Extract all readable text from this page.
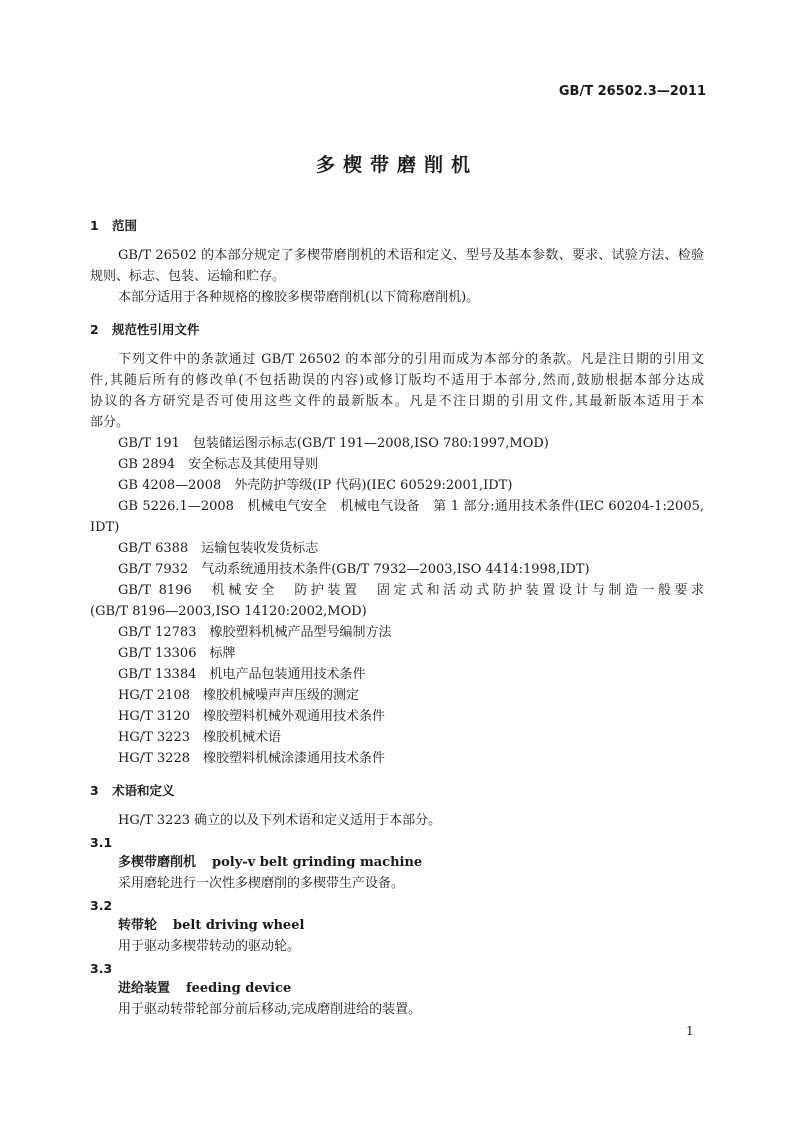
GB/T 26502.3—2011
多楔带磨削机
1 范围
GB/T 26502 的本部分规定了多楔带磨削机的术语和定义、型号及基本参数、要求、试验方法、检验
规则、标志、包装、运输和贮存。
本部分适用于各种规格的橡胶多楔带磨削机(以下简称磨削机)。
2 规范性引用文件
下列文件中的条款通过 GB/T 26502 的本部分的引用而成为本部分的条款。凡是注日期的引用文
件,其随后所有的修改单(不包括勘误的内容)或修订版均不适用于本部分,然而,鼓励根据本部分达成
协议的各方研究是否可使用这些文件的最新版本。凡是不注日期的引用文件,其最新版本适用于本
部分。
GB/T 191　包装储运图示标志(GB/T 191—2008,ISO 780:1997,MOD)
GB 2894　安全标志及其使用导则
GB 4208—2008　外壳防护等级(IP 代码)(IEC 60529:2001,IDT)
GB 5226.1—2008　机械电气安全　机械电气设备　第 1 部分:通用技术条件(IEC 60204-1:2005,
IDT)
GB/T 6388　运输包装收发货标志
GB/T 7932　气动系统通用技术条件(GB/T 7932—2003,ISO 4414:1998,IDT)
GB/T 8196　机械安全　防护装置　固定式和活动式防护装置设计与制造一般要求
(GB/T 8196—2003,ISO 14120:2002,MOD)
GB/T 12783　橡胶塑料机械产品型号编制方法
GB/T 13306　标牌
GB/T 13384　机电产品包装通用技术条件
HG/T 2108　橡胶机械噪声声压级的测定
HG/T 3120　橡胶塑料机械外观通用技术条件
HG/T 3223　橡胶机械术语
HG/T 3228　橡胶塑料机械涂漆通用技术条件
3 术语和定义
HG/T 3223 确立的以及下列术语和定义适用于本部分。
3.1
多楔带磨削机 poly-v belt grinding machine
采用磨轮进行一次性多楔磨削的多楔带生产设备。
3.2
转带轮 belt driving wheel
用于驱动多楔带转动的驱动轮。
3.3
进给装置 feeding device
用于驱动转带轮部分前后移动,完成磨削进给的装置。
1
